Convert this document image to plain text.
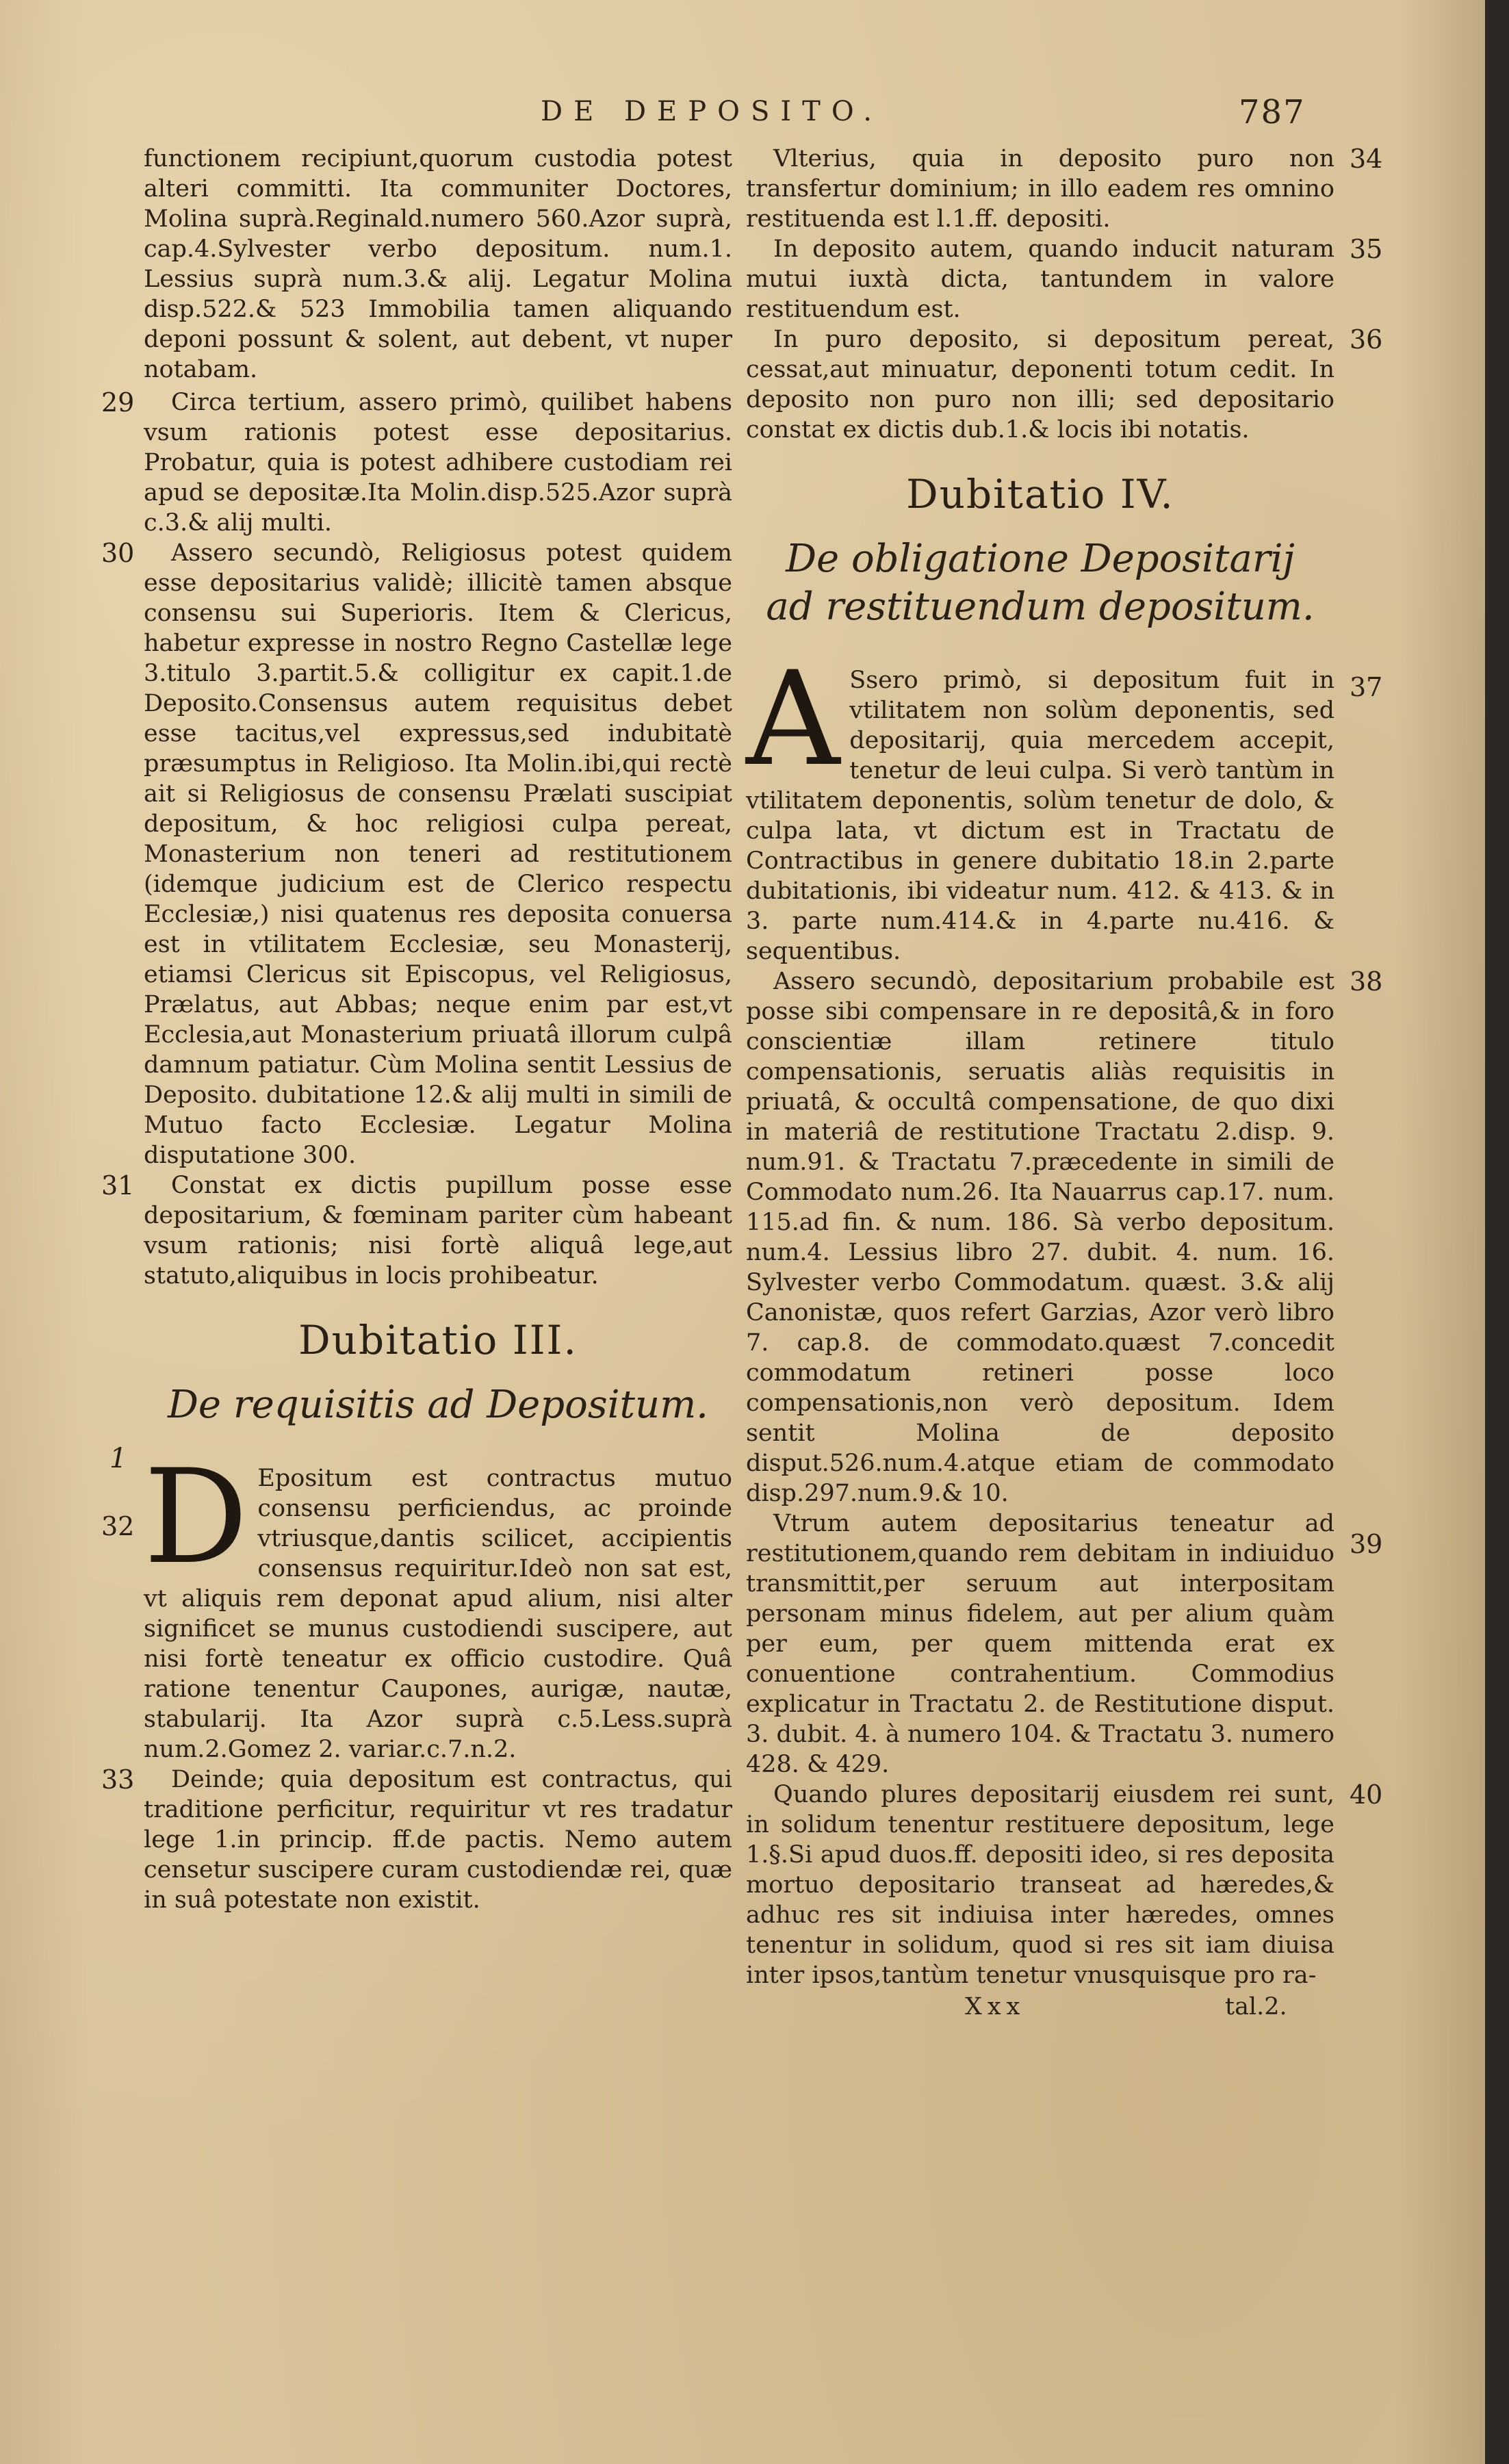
DE DEPOSITO.	787

functionem recipiunt,quorum custodia potest alteri committi. Ita communiter Doctores, Molina suprà.Reginald.numero 560.Azor suprà, cap.4.Sylvester verbo depositum. num.1. Lessius suprà num.3.& alij. Legatur Molina disp.522.& 523 Immobilia tamen aliquando deponi possunt & solent, aut debent, vt nuper notabam.

29	Circa tertium, assero primò, quilibet habens vsum rationis potest esse depositarius. Probatur, quia is potest adhibere custodiam rei apud se depositæ.Ita Molin.disp.525.Azor suprà c.3.& alij multi.

30	Assero secundò, Religiosus potest quidem esse depositarius validè; illicitè tamen absque consensu sui Superioris. Item & Clericus, habetur expresse in nostro Regno Castellæ lege 3.titulo 3.partit.5.& colligitur ex capit.1.de Deposito.Consensus autem requisitus debet esse tacitus,vel expressus,sed indubitatè præsumptus in Religioso. Ita Molin.ibi,qui rectè ait si Religiosus de consensu Prælati suscipiat depositum, & hoc religiosi culpa pereat, Monasterium non teneri ad restitutionem (idemque judicium est de Clerico respectu Ecclesiæ,) nisi quatenus res deposita conuersa est in vtilitatem Ecclesiæ, seu Monasterij, etiamsi Clericus sit Episcopus, vel Religiosus, Prælatus, aut Abbas; neque enim par est,vt Ecclesia,aut Monasterium priuatâ illorum culpâ damnum patiatur. Cùm Molina sentit Lessius de Deposito. dubitatione 12.& alij multi in simili de Mutuo facto Ecclesiæ. Legatur Molina disputatione 300.

31	Constat ex dictis pupillum posse esse depositarium, & fœminam pariter cùm habeant vsum rationis; nisi fortè aliquâ lege,aut statuto,aliquibus in locis prohibeatur.

Dubitatio III.
1
De requisitis ad Depositum.
32 D Epositum est contractus mutuo consensu perficiendus, ac proinde vtriusque,dantis scilicet, accipientis consensus requiritur.Ideò non sat est, vt aliquis rem deponat apud alium, nisi alter significet se munus custodiendi suscipere, aut nisi fortè teneatur ex officio custodire. Quâ ratione tenentur Caupones, aurigæ, nautæ, stabularij. Ita Azor suprà c.5.Less.suprà num.2.Gomez 2. variar.c.7.n.2.

33	Deinde; quia depositum est contractus, qui traditione perficitur, requiritur vt res tradatur lege 1.in princip. ff.de pactis. Nemo autem censetur suscipere curam custodiendæ rei, quæ in suâ potestate non existit.

34

Vlterius, quia in deposito puro non transfertur dominium; in illo eadem res omnino restituenda est l.1.ff. depositi.

35

In deposito autem, quando inducit naturam mutui iuxtà dicta, tantundem in valore restituendum est.

36

In puro deposito, si depositum pereat, cessat,aut minuatur, deponenti totum cedit. In deposito non puro non illi; sed depositario constat ex dictis dub.1.& locis ibi notatis.

Dubitatio IV.
De obligatione Depositarij ad restituendum depositum.
37
A Ssero primò, si depositum fuit in vtilitatem non solùm deponentis, sed depositarij, quia mercedem accepit, tenetur de leui culpa. Si verò tantùm in vtilitatem deponentis, solùm tenetur de dolo, & culpa lata, vt dictum est in Tractatu de Contractibus in genere dubitatio 18.in 2.parte dubitationis, ibi videatur num. 412. & 413. & in 3. parte num.414.& in 4.parte nu.416. & sequentibus.

38

Assero secundò, depositarium probabile est posse sibi compensare in re depositâ,& in foro conscientiæ illam retinere titulo compensationis, seruatis aliàs requisitis in priuatâ, & occultâ compensatione, de quo dixi in materiâ de restitutione Tractatu 2.disp. 9. num.91. & Tractatu 7.præcedente in simili de Commodato num.26. Ita Nauarrus cap.17. num. 115.ad fin. & num. 186. Sà verbo depositum. num.4. Lessius libro 27. dubit. 4. num. 16. Sylvester verbo Commodatum. quæst. 3.& alij Canonistæ, quos refert Garzias, Azor verò libro 7. cap.8. de commodato.quæst 7.concedit commodatum retineri posse loco compensationis,non verò depositum. Idem sentit Molina de deposito disput.526.num.4.atque etiam de commodato disp.297.num.9.& 10.

39

Vtrum autem depositarius teneatur ad restitutionem,quando rem debitam in indiuiduo transmittit,per seruum aut interpositam personam minus fidelem, aut per alium quàm per eum, per quem mittenda erat ex conuentione contrahentium. Commodius explicatur in Tractatu 2. de Restitutione disput. 3. dubit. 4. à numero 104. & Tractatu 3. numero 428. & 429.

40

Quando plures depositarij eiusdem rei sunt, in solidum tenentur restituere depositum, lege 1.§.Si apud duos.ff. depositi ideo, si res deposita mortuo depositario transeat ad hæredes,& adhuc res sit indiuisa inter hæredes, omnes tenentur in solidum, quod si res sit iam diuisa inter ipsos,tantùm tenetur vnusquisque pro ra-

Xxx	tal.2.
